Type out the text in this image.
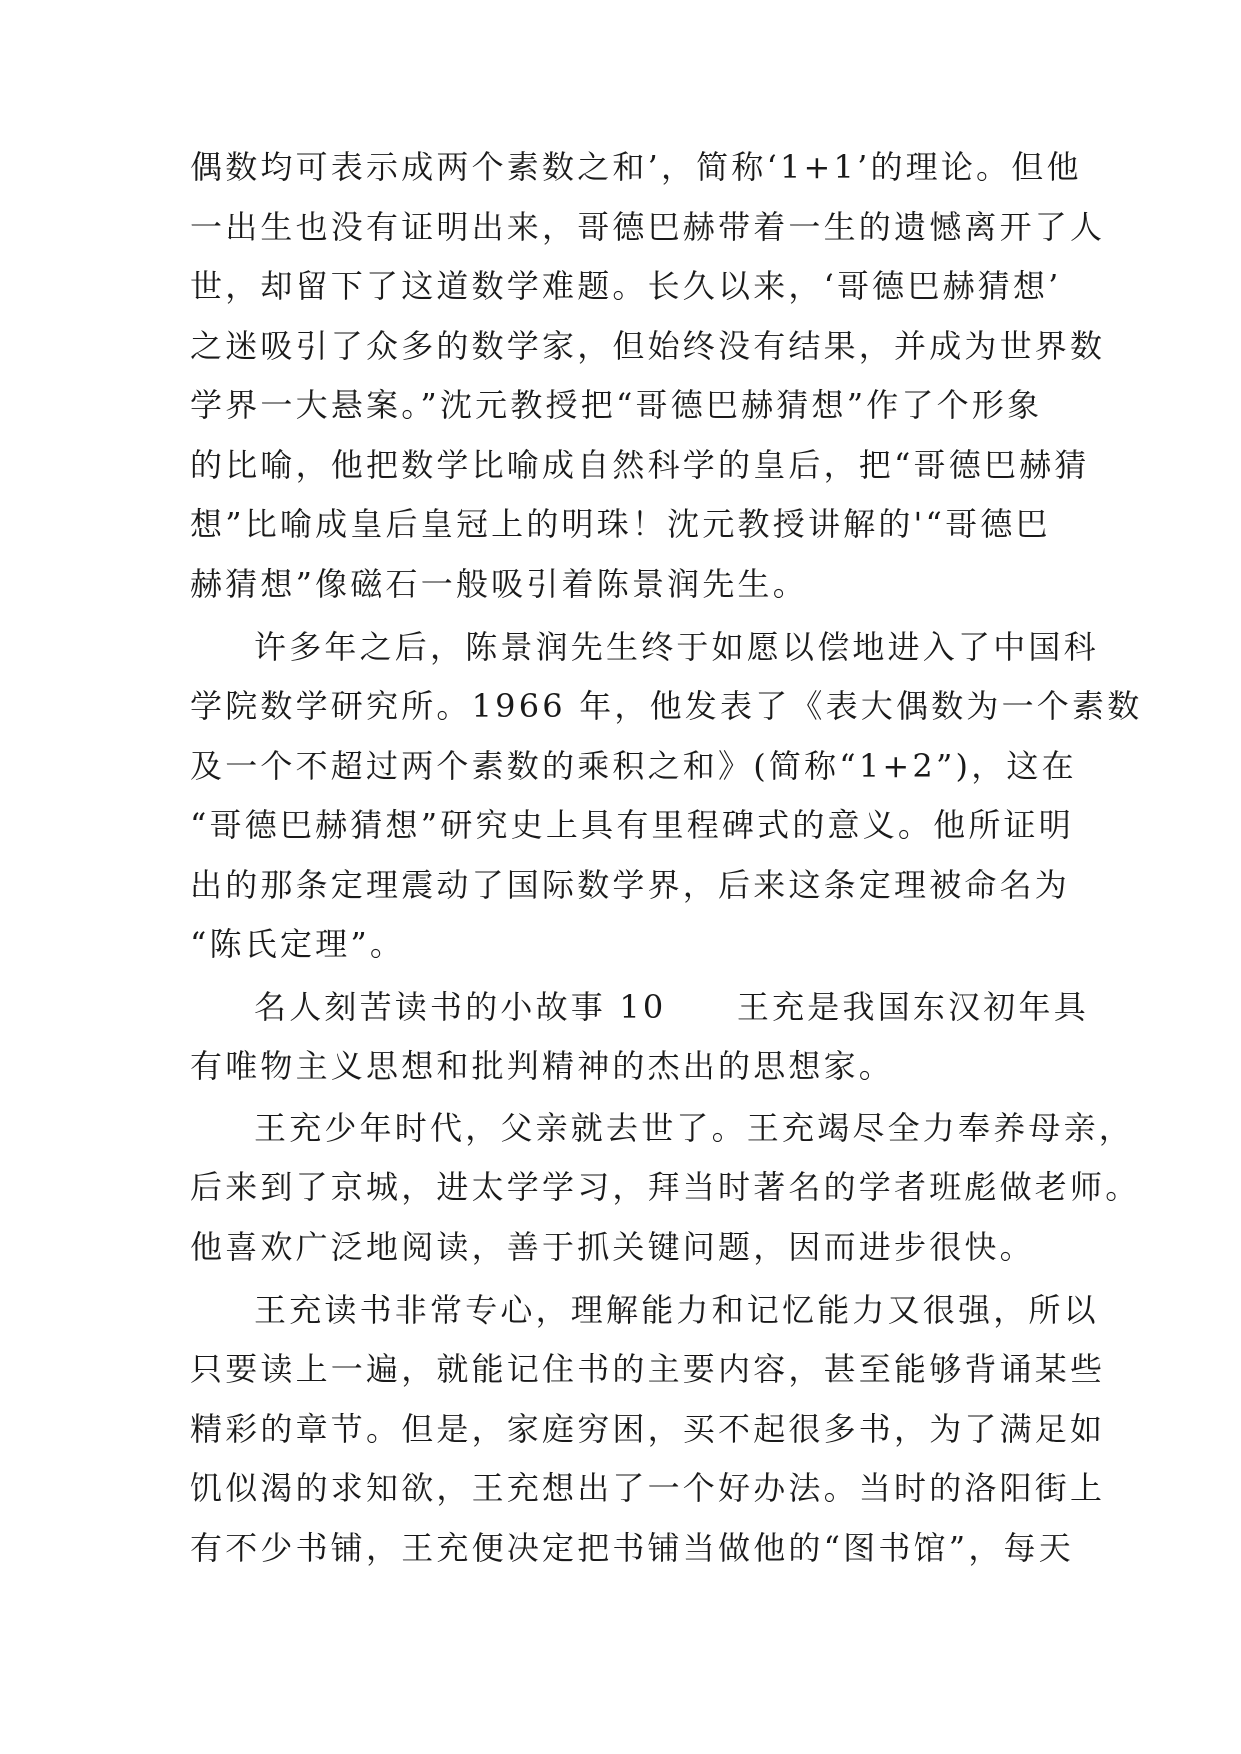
偶数均可表示成两个素数之和’，简称‘1+1’的理论。但他
一出生也没有证明出来，哥德巴赫带着一生的遗憾离开了人
世，却留下了这道数学难题。长久以来，‘哥德巴赫猜想’
之迷吸引了众多的数学家，但始终没有结果，并成为世界数
学界一大悬案。”沈元教授把“哥德巴赫猜想”作了个形象
的比喻，他把数学比喻成自然科学的皇后，把“哥德巴赫猜
想”比喻成皇后皇冠上的明珠！沈元教授讲解的'“哥德巴
赫猜想”像磁石一般吸引着陈景润先生。
许多年之后，陈景润先生终于如愿以偿地进入了中国科
学院数学研究所。1966 年，他发表了《表大偶数为一个素数
及一个不超过两个素数的乘积之和》(简称“1+2”)，这在
“哥德巴赫猜想”研究史上具有里程碑式的意义。他所证明
出的那条定理震动了国际数学界，后来这条定理被命名为
“陈氏定理”。
名人刻苦读书的小故事 10　　王充是我国东汉初年具
有唯物主义思想和批判精神的杰出的思想家。
王充少年时代，父亲就去世了。王充竭尽全力奉养母亲，
后来到了京城，进太学学习，拜当时著名的学者班彪做老师。
他喜欢广泛地阅读，善于抓关键问题，因而进步很快。
王充读书非常专心，理解能力和记忆能力又很强，所以
只要读上一遍，就能记住书的主要内容，甚至能够背诵某些
精彩的章节。但是，家庭穷困，买不起很多书，为了满足如
饥似渴的求知欲，王充想出了一个好办法。当时的洛阳街上
有不少书铺，王充便决定把书铺当做他的“图书馆”，每天
